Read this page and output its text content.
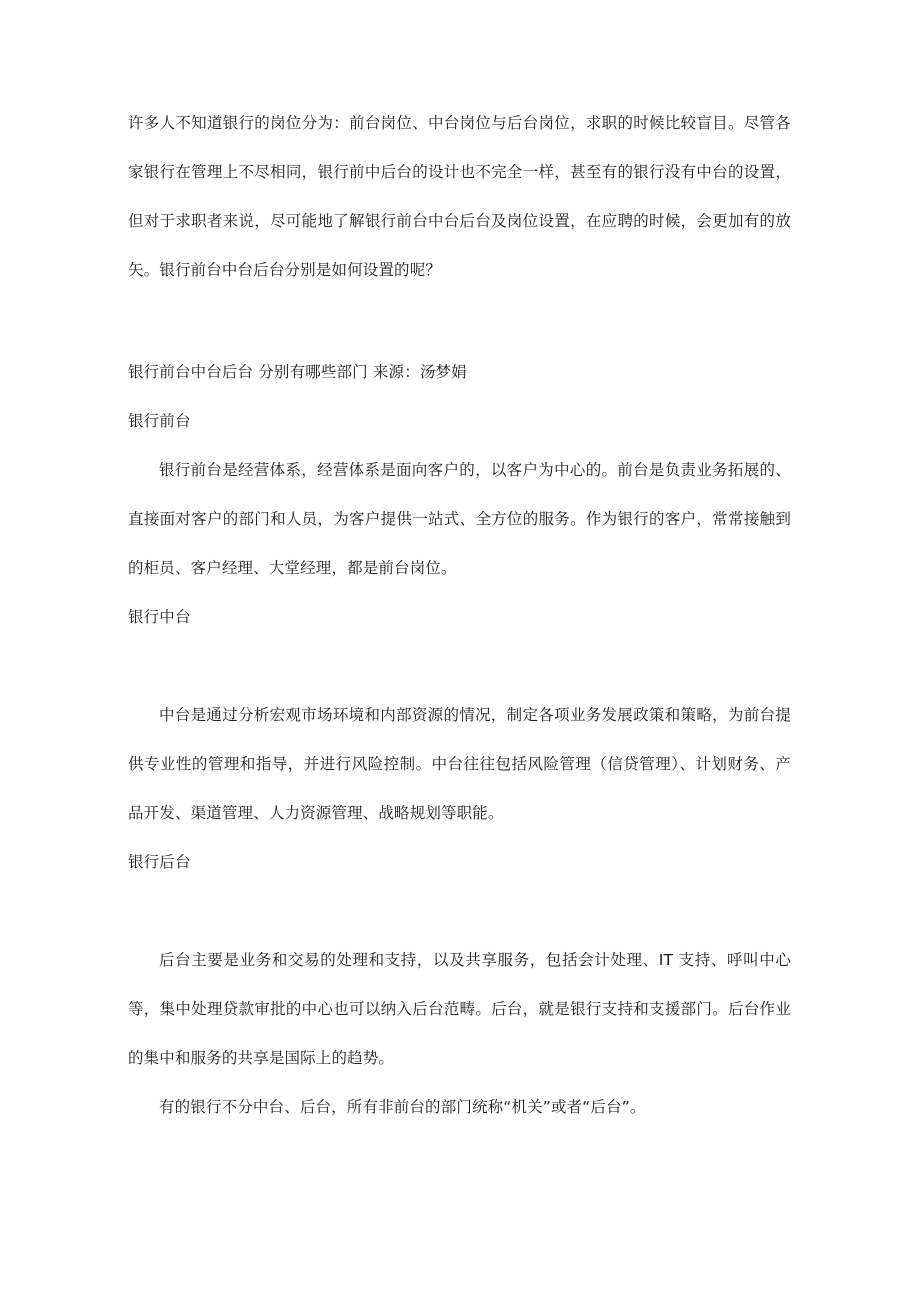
许多人不知道银行的岗位分为：前台岗位、中台岗位与后台岗位，求职的时候比较盲目。尽管各家银行在管理上不尽相同，银行前中后台的设计也不完全一样，甚至有的银行没有中台的设置，但对于求职者来说，尽可能地了解银行前台中台后台及岗位设置，在应聘的时候，会更加有的放矢。银行前台中台后台分别是如何设置的呢？

银行前台中台后台 分别有哪些部门 来源：汤梦娟

银行前台

银行前台是经营体系，经营体系是面向客户的，以客户为中心的。前台是负责业务拓展的、直接面对客户的部门和人员，为客户提供一站式、全方位的服务。作为银行的客户，常常接触到的柜员、客户经理、大堂经理，都是前台岗位。

银行中台

中台是通过分析宏观市场环境和内部资源的情况，制定各项业务发展政策和策略，为前台提供专业性的管理和指导，并进行风险控制。中台往往包括风险管理（信贷管理）、计划财务、产品开发、渠道管理、人力资源管理、战略规划等职能。

银行后台

后台主要是业务和交易的处理和支持，以及共享服务，包括会计处理、IT 支持、呼叫中心等，集中处理贷款审批的中心也可以纳入后台范畴。后台，就是银行支持和支援部门。后台作业的集中和服务的共享是国际上的趋势。

有的银行不分中台、后台，所有非前台的部门统称“机关”或者“后台”。
